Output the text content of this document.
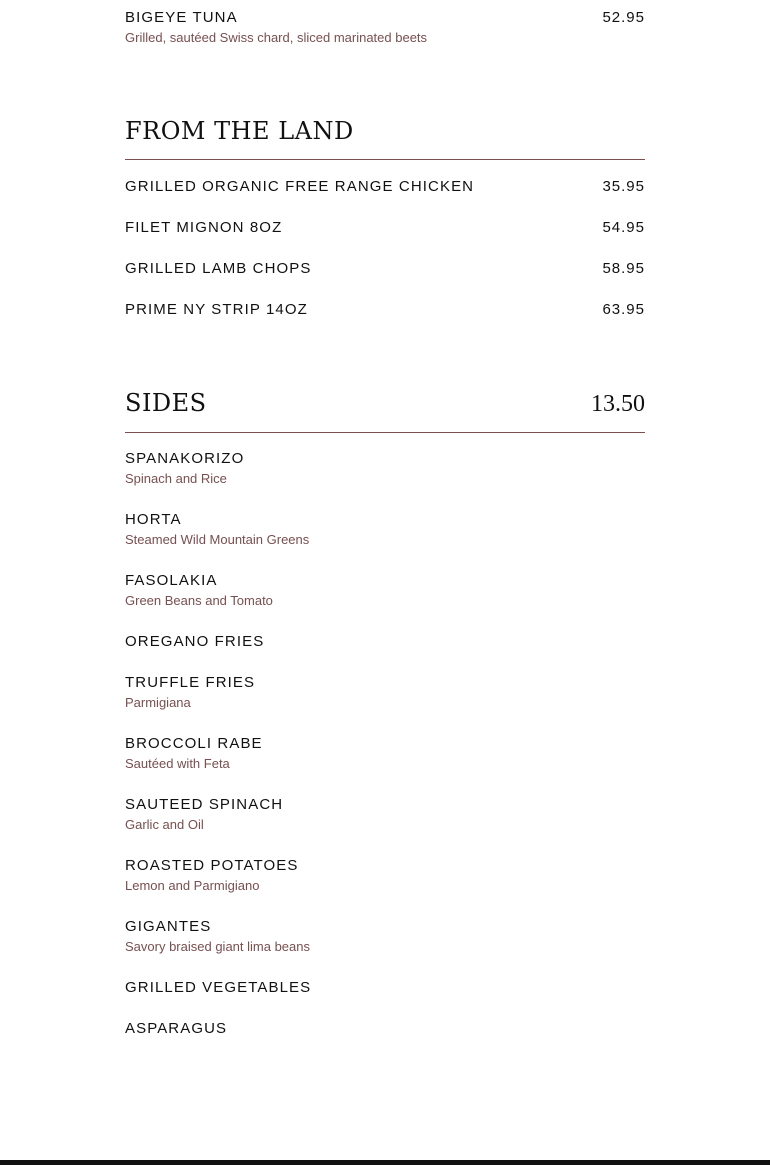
BIGEYE TUNA	52.95
Grilled, sautéed Swiss chard, sliced marinated beets
FROM THE LAND
GRILLED ORGANIC FREE RANGE CHICKEN	35.95
FILET MIGNON 8OZ	54.95
GRILLED LAMB CHOPS	58.95
PRIME NY STRIP 14OZ	63.95
SIDES	13.50
SPANAKORIZO
Spinach and Rice
HORTA
Steamed Wild Mountain Greens
FASOLAKIA
Green Beans and Tomato
OREGANO FRIES
TRUFFLE FRIES
Parmigiana
BROCCOLI RABE
Sautéed with Feta
SAUTEED SPINACH
Garlic and Oil
ROASTED POTATOES
Lemon and Parmigiano
GIGANTES
Savory braised giant lima beans
GRILLED VEGETABLES
ASPARAGUS
